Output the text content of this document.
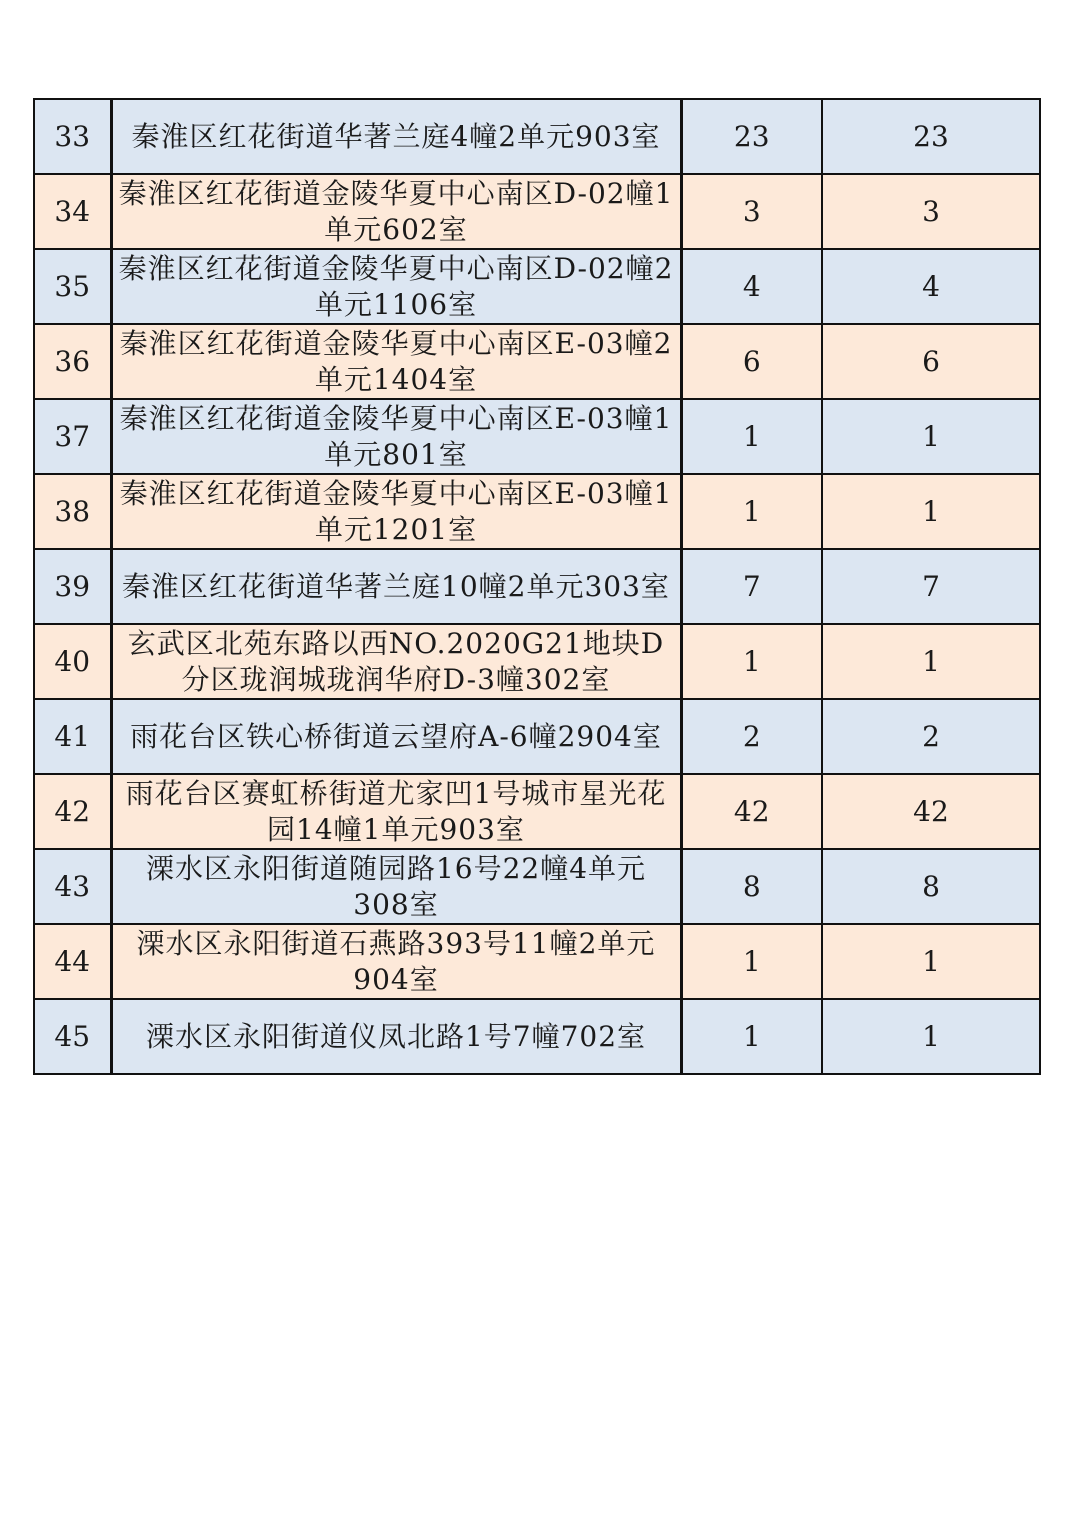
33	秦淮区红花街道华著兰庭4幢2单元903室	23	23
34	秦淮区红花街道金陵华夏中心南区D-02幢1单元602室	3	3
35	秦淮区红花街道金陵华夏中心南区D-02幢2单元1106室	4	4
36	秦淮区红花街道金陵华夏中心南区E-03幢2单元1404室	6	6
37	秦淮区红花街道金陵华夏中心南区E-03幢1单元801室	1	1
38	秦淮区红花街道金陵华夏中心南区E-03幢1单元1201室	1	1
39	秦淮区红花街道华著兰庭10幢2单元303室	7	7
40	玄武区北苑东路以西NO.2020G21地块D分区珑润城珑润华府D-3幢302室	1	1
41	雨花台区铁心桥街道云望府A-6幢2904室	2	2
42	雨花台区赛虹桥街道尤家凹1号城市星光花园14幢1单元903室	42	42
43	溧水区永阳街道随园路16号22幢4单元308室	8	8
44	溧水区永阳街道石燕路393号11幢2单元904室	1	1
45	溧水区永阳街道仪凤北路1号7幢702室	1	1
